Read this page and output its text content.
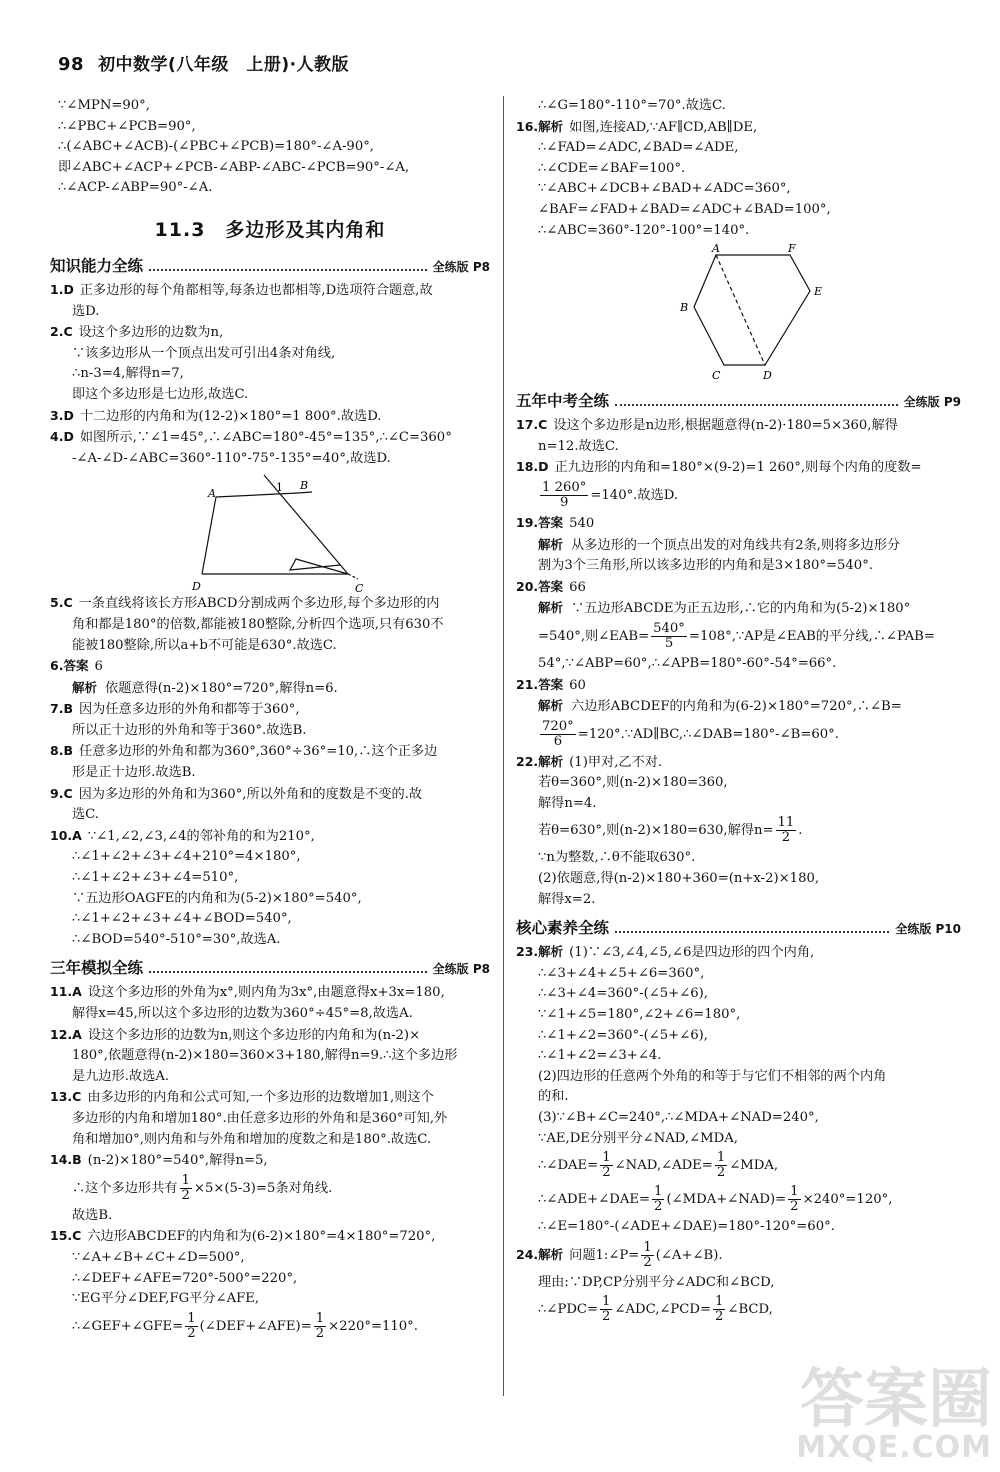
98 初中数学(八年级　上册)·人教版
∵∠MPN=90°,
∴∠PBC+∠PCB=90°,
∴(∠ABC+∠ACB)-(∠PBC+∠PCB)=180°-∠A-90°,
即∠ABC+∠ACP+∠PCB-∠ABP-∠ABC-∠PCB=90°-∠A,
∴∠ACP-∠ABP=90°-∠A.
11.3　多边形及其内角和
知识能力全练	全练版 P8
1.D 正多边形的每个角都相等,每条边也都相等,D选项符合题意,故
选D.
2.C 设这个多边形的边数为n,
∵该多边形从一个顶点出发可引出4条对角线,
∴n-3=4,解得n=7,
即这个多边形是七边形,故选C.
3.D 十二边形的内角和为(12-2)×180°=1 800°.故选D.
4.D 如图所示,∵∠1=45°,∴∠ABC=180°-45°=135°,∴∠C=360°
-∠A-∠D-∠ABC=360°-110°-75°-135°=40°,故选D.
A	1 B
D	C
5.C 一条直线将该长方形ABCD分割成两个多边形,每个多边形的内
角和都是180°的倍数,都能被180整除,分析四个选项,只有630不
能被180整除,所以a+b不可能是630°.故选C.
6.答案 6
解析 依题意得(n-2)×180°=720°,解得n=6.
7.B 因为任意多边形的外角和都等于360°,
所以正十边形的外角和等于360°.故选B.
8.B 任意多边形的外角和都为360°,360°÷36°=10,∴这个正多边
形是正十边形.故选B.
9.C 因为多边形的外角和为360°,所以外角和的度数是不变的.故
选C.
10.A ∵∠1,∠2,∠3,∠4的邻补角的和为210°,
∴∠1+∠2+∠3+∠4+210°=4×180°,
∴∠1+∠2+∠3+∠4=510°,
∵五边形OAGFE的内角和为(5-2)×180°=540°,
∴∠1+∠2+∠3+∠4+∠BOD=540°,
∴∠BOD=540°-510°=30°,故选A.
三年模拟全练	全练版 P8
11.A 设这个多边形的外角为x°,则内角为3x°,由题意得x+3x=180,
解得x=45,所以这个多边形的边数为360°÷45°=8,故选A.
12.A 设这个多边形的边数为n,则这个多边形的内角和为(n-2)×
180°,依题意得(n-2)×180=360×3+180,解得n=9.∴这个多边形
是九边形.故选A.
13.C 由多边形的内角和公式可知,一个多边形的边数增加1,则这个
多边形的内角和增加180°.由任意多边形的外角和是360°可知,外
角和增加0°,则内角和与外角和增加的度数之和是180°.故选C.
14.B (n-2)×180°=540°,解得n=5,
∴这个多边形共有 $\frac{1}{2} \times 5\times(5-3)=5$条对角线.
故选B.
15.C 六边形ABCDEF的内角和为(6-2)×180°=4×180°=720°,
∵∠A+∠B+∠C+∠D=500°,
∴∠DEF+∠AFE=720°-500°=220°,
∵EG平分∠DEF,FG平分∠AFE,
∴∠GEF+∠GFE= $\frac{1}{2}$ (∠DEF+∠AFE)= $\frac{1}{2} \times 220^\circ=110^\circ$.
∴∠G=180°-110°=70°.故选C.
16.解析 如图,连接AD,∵AF∥CD,AB∥DE,
∴∠FAD=∠ADC,∠BAD=∠ADE,
∴∠CDE=∠BAF=100°.
∵∠ABC+∠DCB+∠BAD+∠ADC=360°,
∠BAF=∠FAD+∠BAD=∠ADC+∠BAD=100°,
∴∠ABC=360°-120°-100°=140°.
A	F
E
B
C	D
五年中考全练	全练版 P9
17.C 设这个多边形是n边形,根据题意得(n-2)·180=5×360,解得
n=12.故选C.
18.D 正九边形的内角和=180°×(9-2)=1 260°,则每个内角的度数=
$\frac{1 260^\circ}{9} =140^\circ$.故选D.
19.答案 540
解析 从多边形的一个顶点出发的对角线共有2条,则将多边形分
割为3个三角形,所以该多边形的内角和是3×180°=540°.
20.答案 66
解析 ∵五边形ABCDE为正五边形,∴它的内角和为(5-2)×180°
=540°,则∠EAB= $\frac{540^\circ}{5}$ =108°,∵AP是∠EAB的平分线,∴∠PAB=
54°,∵∠ABP=60°,∴∠APB=180°-60°-54°=66°.
21.答案 60
解析 六边形ABCDEF的内角和为(6-2)×180°=720°,∴∠B=
$\frac{720^\circ}{6}$ =120°.∵AD∥BC,∴∠DAB=180°-∠B=60°.
22.解析 (1)甲对,乙不对.
若θ=360°,则(n-2)×180=360,
解得n=4.
若θ=630°,则(n-2)×180=630,解得$n= \frac{11}{2}$ .
∵n为整数,∴θ不能取630°.
(2)依题意,得(n-2)×180+360=(n+x-2)×180,
解得x=2.
核心素养全练	全练版 P10
23.解析 (1)∵∠3,∠4,∠5,∠6是四边形的四个内角,
∴∠3+∠4+∠5+∠6=360°,
∴∠3+∠4=360°-(∠5+∠6),
∵∠1+∠5=180°,∠2+∠6=180°,
∴∠1+∠2=360°-(∠5+∠6),
∴∠1+∠2=∠3+∠4.
(2)四边形的任意两个外角的和等于与它们不相邻的两个内角
的和.
(3)∵∠B+∠C=240°,∴∠MDA+∠NAD=240°,
∵AE,DE分别平分∠NAD,∠MDA,
∴∠DAE= $\frac{1}{2}$ ∠NAD,∠ADE= $\frac{1}{2}$ ∠MDA,
∴∠ADE+∠DAE= $\frac{1}{2}$ (∠MDA+∠NAD)= $\frac{1}{2} \times 240^\circ=120^\circ$,
∴∠E=180°-(∠ADE+∠DAE)=180°-120°=60°.
24.解析 问题1:∠P= $\frac{1}{2}$ (∠A+∠B).
理由:∵DP,CP分别平分∠ADC和∠BCD,
∴∠PDC= $\frac{1}{2}$ ∠ADC,∠PCD= $\frac{1}{2}$ ∠BCD,
答案圈
MXQE.COM
